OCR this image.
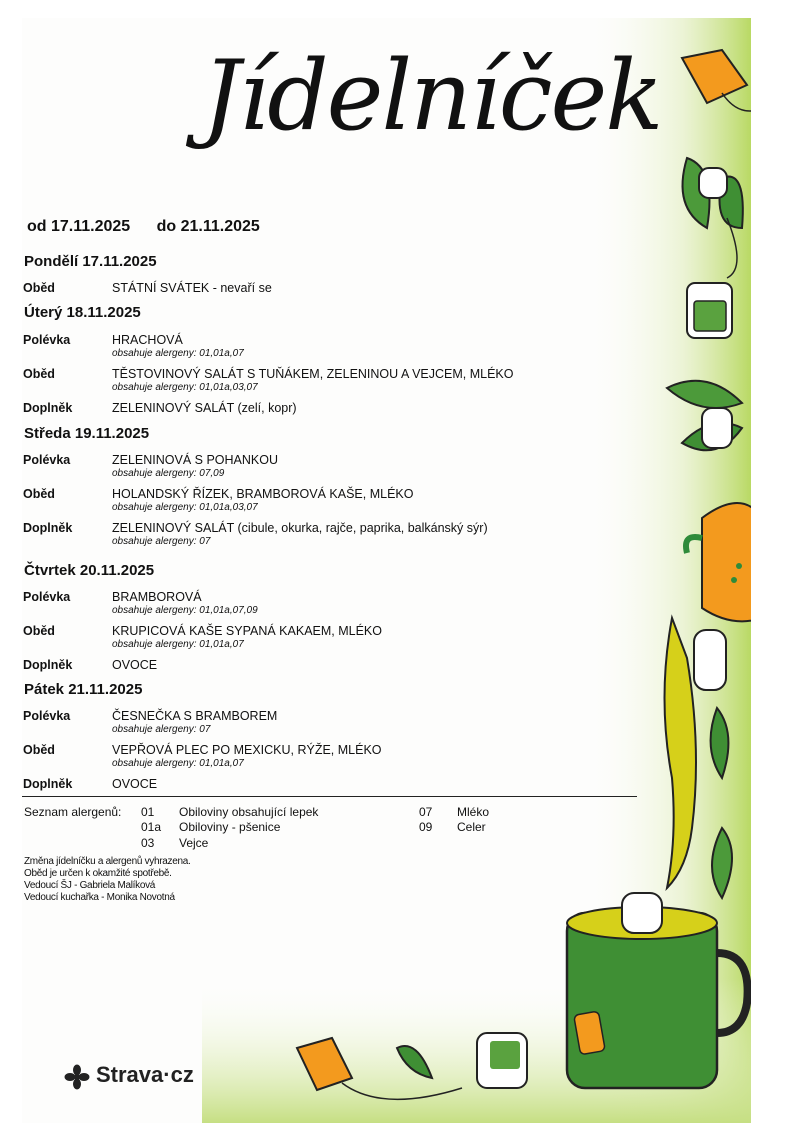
Jídelníček
od 17.11.2025 do 21.11.2025
Pondělí 17.11.2025
Oběd	STÁTNÍ SVÁTEK - nevaří se
Úterý 18.11.2025
Polévka	HRACHOVÁ
obsahuje alergeny: 01,01a,07
Oběd	TĚSTOVINOVÝ SALÁT S TUŇÁKEM, ZELENINOU A VEJCEM, MLÉKO
obsahuje alergeny: 01,01a,03,07
Doplněk	ZELENINOVÝ SALÁT (zelí, kopr)
Středa 19.11.2025
Polévka	ZELENINOVÁ S POHANKOU
obsahuje alergeny: 07,09
Oběd	HOLANDSKÝ ŘÍZEK, BRAMBOROVÁ KAŠE, MLÉKO
obsahuje alergeny: 01,01a,03,07
Doplněk	ZELENINOVÝ SALÁT (cibule, okurka, rajče, paprika, balkánský sýr)
obsahuje alergeny: 07
Čtvrtek 20.11.2025
Polévka	BRAMBOROVÁ
obsahuje alergeny: 01,01a,07,09
Oběd	KRUPICOVÁ KAŠE SYPANÁ KAKAEM, MLÉKO
obsahuje alergeny: 01,01a,07
Doplněk	OVOCE
Pátek 21.11.2025
Polévka	ČESNEČKA S BRAMBOREM
obsahuje alergeny: 07
Oběd	VEPŘOVÁ PLEC PO MEXICKU, RÝŽE, MLÉKO
obsahuje alergeny: 01,01a,07
Doplněk	OVOCE
Seznam alergenů: 01 Obiloviny obsahující lepek
01a Obiloviny - pšenice
03 Vejce
07 Mléko
09 Celer
Změna jídelníčku a alergenů vyhrazena.
Oběd je určen k okamžité spotřebě.
Vedoucí ŠJ - Gabriela Malíková
Vedoucí kuchařka - Monika Novotná
Strava·cz
